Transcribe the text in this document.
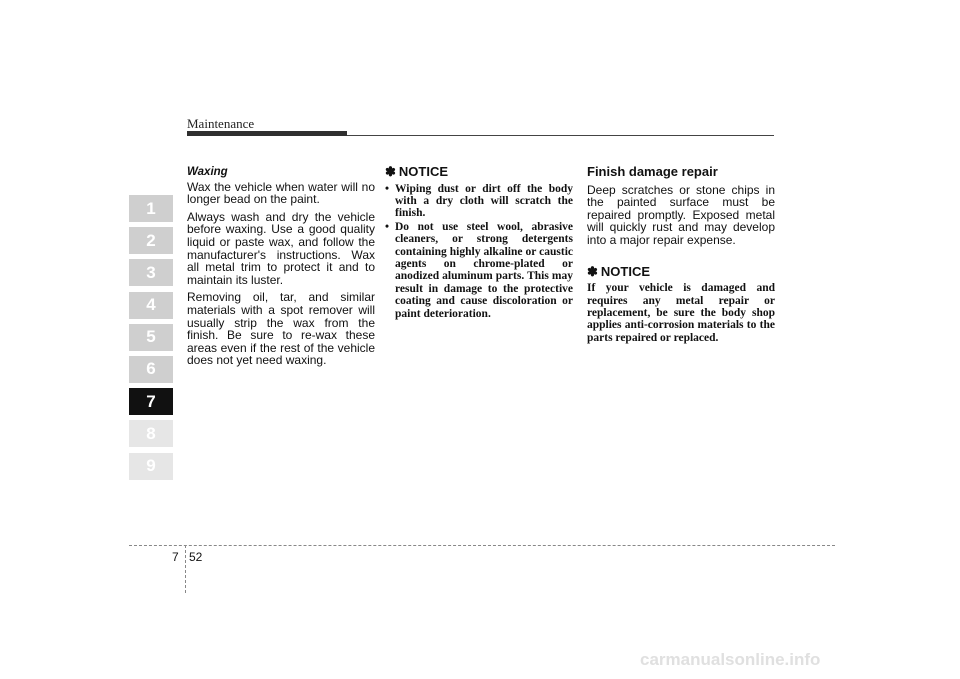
Maintenance
1
2
3
4
5
6
7
8
9
Waxing

Wax the vehicle when water will no longer bead on the paint.

Always wash and dry the vehicle before waxing. Use a good quality liquid or paste wax, and follow the manufacturer's instructions. Wax all metal trim to protect it and to maintain its luster.

Removing oil, tar, and similar materials with a spot remover will usually strip the wax from the finish. Be sure to re-wax these areas even if the rest of the vehicle does not yet need waxing.

✽ NOTICE
• Wiping dust or dirt off the body with a dry cloth will scratch the finish.
• Do not use steel wool, abrasive cleaners, or strong detergents containing highly alkaline or caustic agents on chrome-plated or anodized aluminum parts. This may result in damage to the protective coating and cause discoloration or paint deterioration.
Finish damage repair

Deep scratches or stone chips in the painted surface must be repaired promptly. Exposed metal will quickly rust and may develop into a major repair expense.

✽ NOTICE

If your vehicle is damaged and requires any metal repair or replacement, be sure the body shop applies anti-corrosion materials to the parts repaired or replaced.

7 52
carmanualsonline.info
